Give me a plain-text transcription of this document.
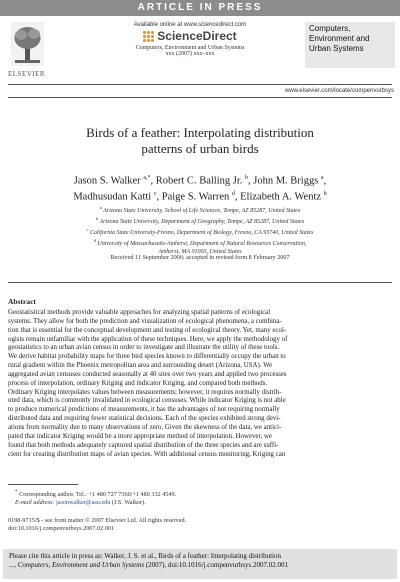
ARTICLE IN PRESS
ELSEVIER
Available online at www.sciencedirect.com
ScienceDirect
Computers, Environment and Urban Systems
xxx (2007) xxx–xxx
Computers,
Environment and
Urban Systems
www.elsevier.com/locate/compenvurbsys
Birds of a feather: Interpolating distribution
patterns of urban birds
Jason S. Walker $^{a,*}$, Robert C. Balling Jr. $^b$, John M. Briggs $^a$,
Madhusudan Katti $^c$, Paige S. Warren $^d$, Elizabeth A. Wentz $^b$
$^a$ Arizona State University, School of Life Sciences, Tempe, AZ 85287, United States
$^b$ Arizona State University, Department of Geography, Tempe, AZ 85287, United States
$^c$ California State University-Fresno, Department of Biology, Fresno, CA 93740, United States
$^d$ University of Massachusetts-Amherst, Department of Natural Resources Conservation,
Amherst, MA 01003, United States
Received 11 September 2006; accepted in revised form 8 February 2007
Abstract
Geostatistical methods provide valuable approaches for analyzing spatial patterns of ecological
systems. They allow for both the prediction and visualization of ecological phenomena, a combina-
tion that is essential for the conceptual development and testing of ecological theory. Yet, many ecol-
ogists remain unfamiliar with the application of these techniques. Here, we apply the methodology of
geostatistics to an urban avian census in order to investigate and illustrate the utility of these tools.
We derive habitat probability maps for three bird species known to differentially occupy the urban to
rural gradient within the Phoenix metropolitan area and surrounding desert (Arizona, USA). We
aggregated avian censuses conducted seasonally at 40 sites over two years and applied two processes
process of interpolation, ordinary Kriging and indicator Kriging, and compared both methods.
Ordinary Kriging interpolates values between measurements; however, it requires normally distrib-
uted data, which is commonly invalidated in ecological censuses. While indicator Kriging is not able
to produce numerical predictions of measurements, it has the advantages of not requiring normally
distributed data and requiring fewer statistical decisions. Each of the species exhibited strong devi-
ations from normality due to many observations of zero. Given the skewness of the data, we antici-
pated that indicator Kriging would be a more appropriate method of interpolation. However, we
found that both methods adequately captured spatial distribution of the three species and are suffi-
cient for creating distribution maps of avian species. With additional census monitoring, Kriging can
* Corresponding author. Tel.: +1 480 727 7360/+1 480 332 4549.
E-mail address: jasonwalker@asu.edu (J.S. Walker).
0198-9715/$ - see front matter © 2007 Elsevier Ltd. All rights reserved.
doi:10.1016/j.compenvurbsys.2007.02.001
Please cite this article in press as: Walker, J. S. et al., Birds of a feather: Interpolating distribution
..., Computers, Environment and Urban Systems (2007), doi:10.1016/j.compenvurbsys.2007.02.001
